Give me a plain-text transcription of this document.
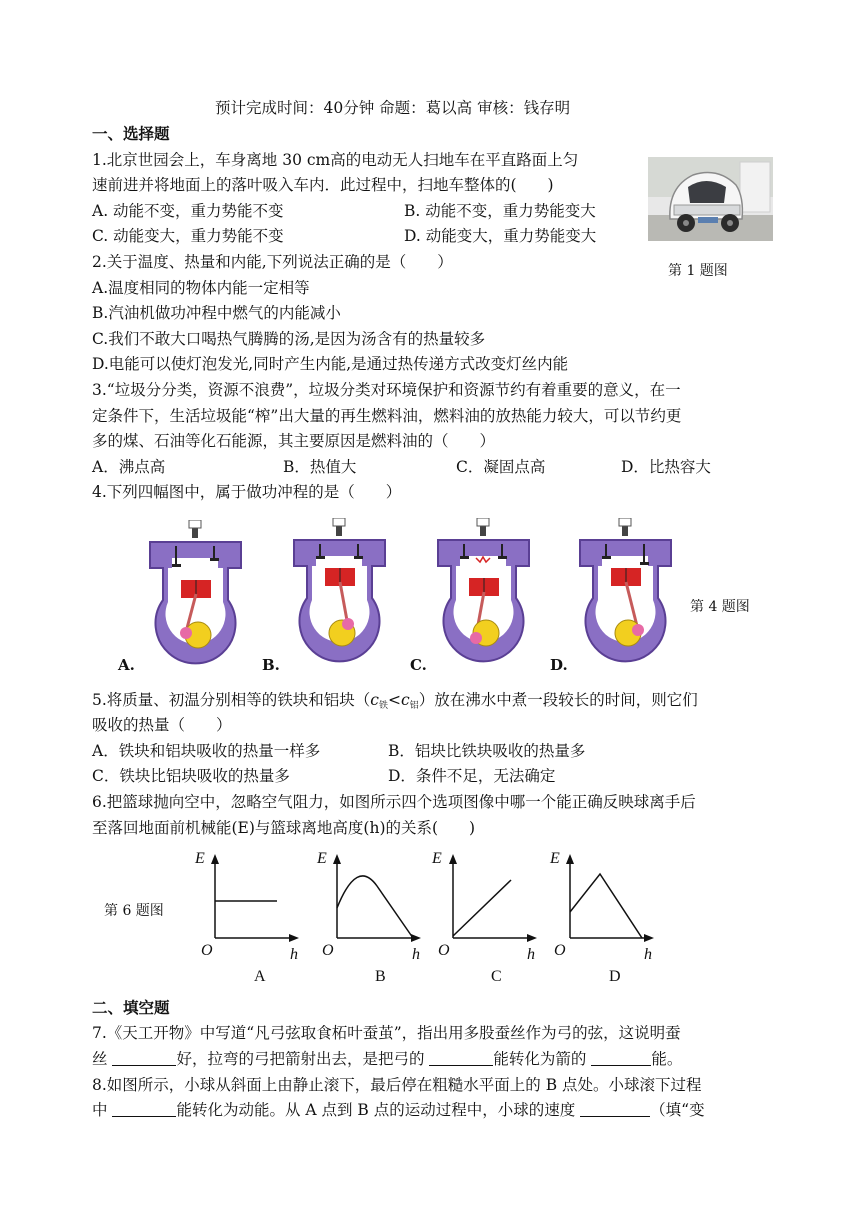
预计完成时间：40分钟 命题：葛以高 审核：钱存明
一、选择题
1.北京世园会上，车身离地 30 cm高的电动无人扫地车在平直路面上匀
速前进并将地面上的落叶吸入车内．此过程中，扫地车整体的(　　)
A. 动能不变，重力势能不变	B. 动能不变，重力势能变大
C. 动能变大，重力势能不变	D. 动能变大，重力势能变大
第 1 题图
2.关于温度、热量和内能,下列说法正确的是（　　）
A.温度相同的物体内能一定相等
B.汽油机做功冲程中燃气的内能减小
C.我们不敢大口喝热气腾腾的汤,是因为汤含有的热量较多
D.电能可以使灯泡发光,同时产生内能,是通过热传递方式改变灯丝内能
3.“垃圾分分类，资源不浪费”，垃圾分类对环境保护和资源节约有着重要的意义，在一
定条件下，生活垃圾能“榨”出大量的再生燃料油，燃料油的放热能力较大，可以节约更
多的煤、石油等化石能源，其主要原因是燃料油的（　　）
A．沸点高	B．热值大	C．凝固点高	D．比热容大
4.下列四幅图中，属于做功冲程的是（　　）
A.	B.	C.	D.
第 4 题图
5.将质量、初温分别相等的铁块和铝块$(c_铁<c_铝)$放在沸水中煮一段较长的时间，则它们
吸收的热量（　　）
A．铁块和铝块吸收的热量一样多	B．铝块比铁块吸收的热量多
C．铁块比铝块吸收的热量多	D．条件不足，无法确定
6.把篮球抛向空中，忽略空气阻力，如图所示四个选项图像中哪一个能正确反映球离手后
至落回地面前机械能(E)与篮球离地高度(h)的关系(　　)
第 6 题图
E
O	h
A
E
O	h
B
E
O	h
C
E
O	h
D
二、填空题
7.《天工开物》中写道“凡弓弦取食柘叶蚕茧”，指出用多股蚕丝作为弓的弦，这说明蚕
丝	好，拉弯的弓把箭射出去，是把弓的	能转化为箭的	能。
8.如图所示，小球从斜面上由静止滚下，最后停在粗糙水平面上的 B 点处。小球滚下过程
中	能转化为动能。从 A 点到 B 点的运动过程中，小球的速度	（填“变
